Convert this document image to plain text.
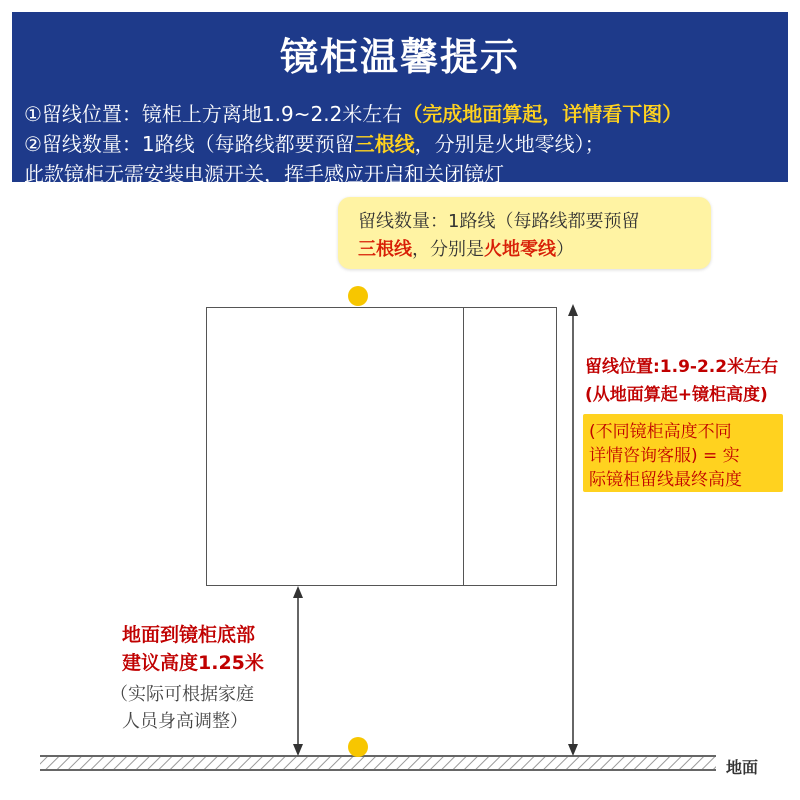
镜柜温馨提示
①留线位置：镜柜上方离地1.9~2.2米左右（完成地面算起，详情看下图）
②留线数量：1路线（每路线都要预留三根线，分别是火地零线）；
此款镜柜无需安装电源开关，挥手感应开启和关闭镜灯
留线数量：1路线（每路线都要预留
三根线，分别是火地零线）
留线位置:1.9-2.2米左右
(从地面算起+镜柜高度)
(不同镜柜高度不同
详情咨询客服) = 实
际镜柜留线最终高度
地面到镜柜底部
建议高度1.25米
（实际可根据家庭
人员身高调整）
地面
